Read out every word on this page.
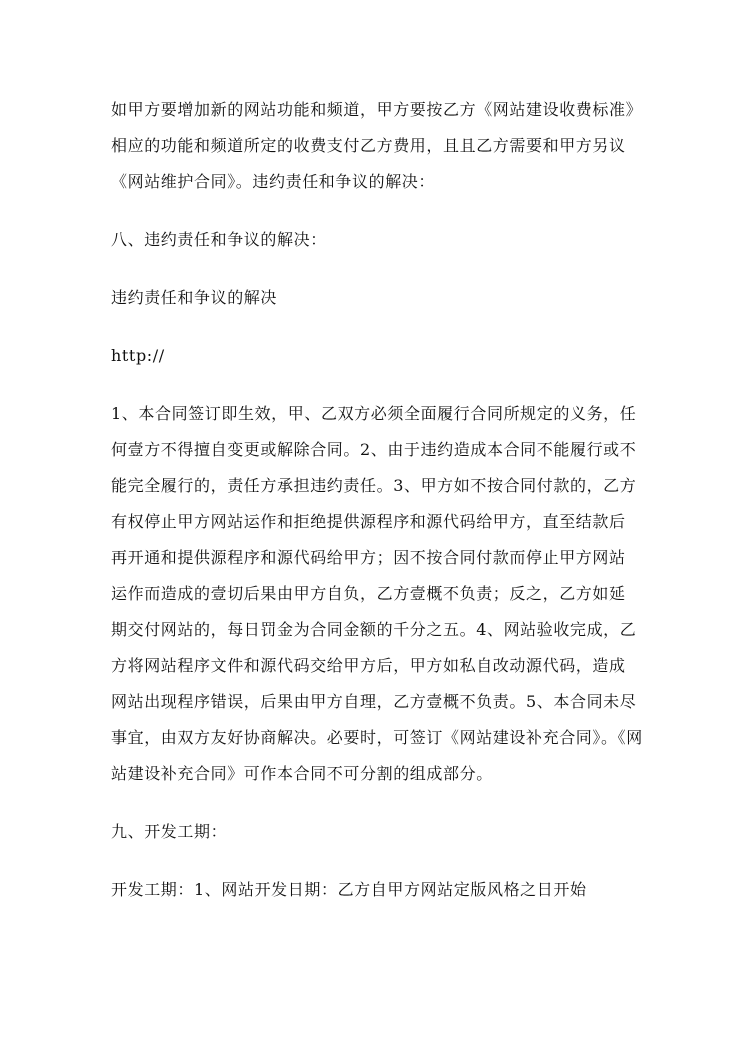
如甲方要增加新的网站功能和频道，甲方要按乙方《网站建设收费标准》
相应的功能和频道所定的收费支付乙方费用，且且乙方需要和甲方另议
《网站维护合同》。违约责任和争议的解决：
八、违约责任和争议的解决：
违约责任和争议的解决
http://
1、本合同签订即生效，甲、乙双方必须全面履行合同所规定的义务，任
何壹方不得擅自变更或解除合同。2、由于违约造成本合同不能履行或不
能完全履行的，责任方承担违约责任。3、甲方如不按合同付款的，乙方
有权停止甲方网站运作和拒绝提供源程序和源代码给甲方，直至结款后
再开通和提供源程序和源代码给甲方；因不按合同付款而停止甲方网站
运作而造成的壹切后果由甲方自负，乙方壹概不负责；反之，乙方如延
期交付网站的，每日罚金为合同金额的千分之五。4、网站验收完成，乙
方将网站程序文件和源代码交给甲方后，甲方如私自改动源代码，造成
网站出现程序错误，后果由甲方自理，乙方壹概不负责。5、本合同未尽
事宜，由双方友好协商解决。必要时，可签订《网站建设补充合同》。《网
站建设补充合同》可作本合同不可分割的组成部分。
九、开发工期：
开发工期：1、网站开发日期：乙方自甲方网站定版风格之日开始
